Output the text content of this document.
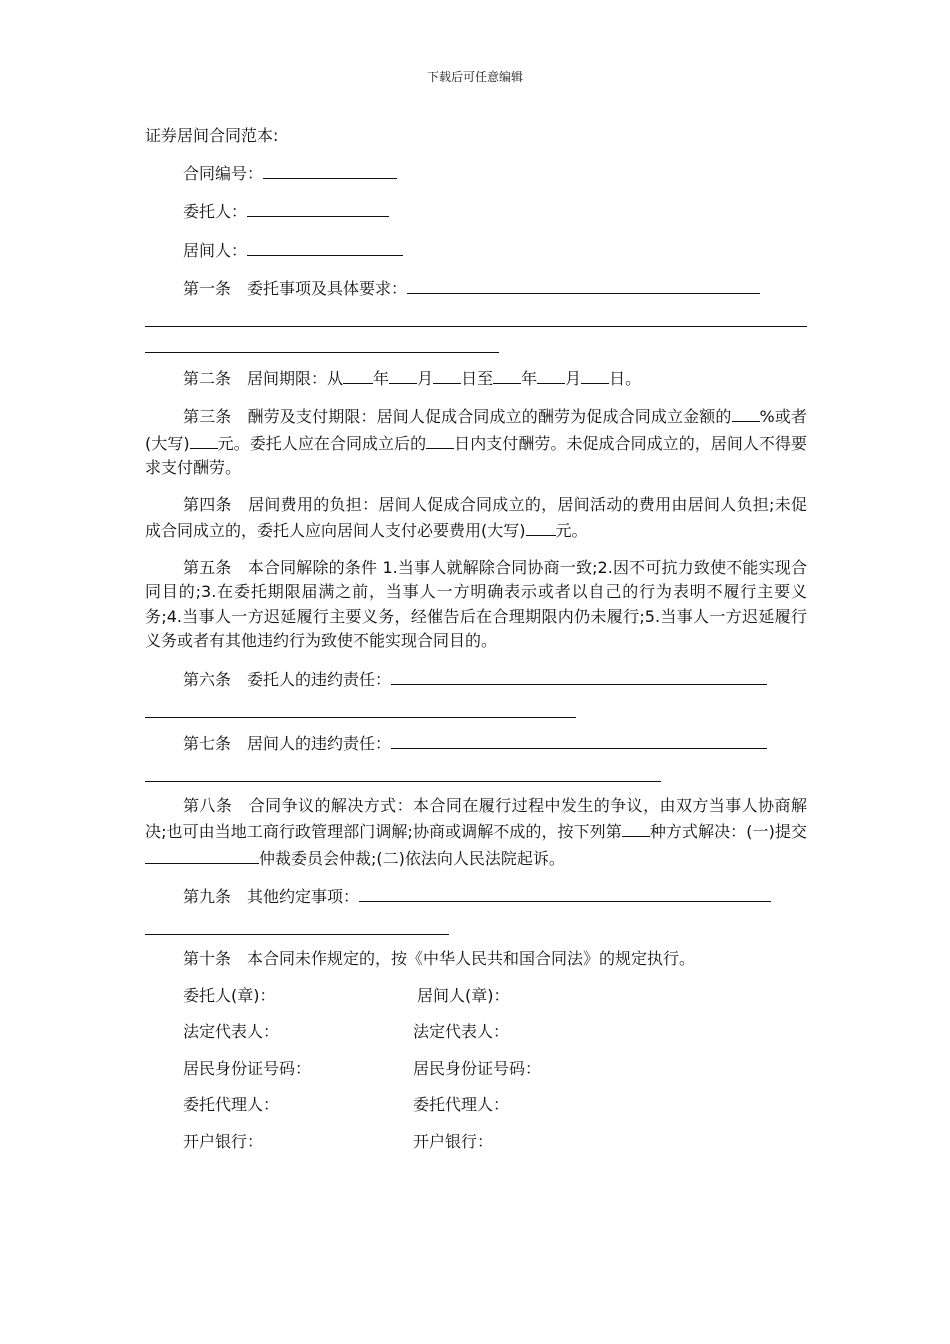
下载后可任意编辑

证券居间合同范本:

合同编号：

委托人：

居间人：

第一条　 委托事项及具体要求：

第二条　 居间期限：从 年 月 日至 年 月 日。

第三条　 酬劳及支付期限：居间人促成合同成立的酬劳为促成合同成立金额的 %或者(大写) 元。委托人应在合同成立后的 日内支付酬劳。未促成合同成立的，居间人不得要求支付酬劳。

第四条　 居间费用的负担：居间人促成合同成立的，居间活动的费用由居间人负担;未促成合同成立的，委托人应向居间人支付必要费用(大写) 元。

第五条　 本合同解除的条件 1.当事人就解除合同协商一致;2.因不可抗力致使不能实现合同目的;3.在委托期限届满之前，当事人一方明确表示或者以自己的行为表明不履行主要义务;4.当事人一方迟延履行主要义务，经催告后在合理期限内仍未履行;5.当事人一方迟延履行义务或者有其他违约行为致使不能实现合同目的。

第六条　 委托人的违约责任：

第七条　 居间人的违约责任：

第八条　 合同争议的解决方式：本合同在履行过程中发生的争议，由双方当事人协商解决;也可由当地工商行政管理部门调解;协商或调解不成的，按下列第 种方式解决：(一)提交仲裁委员会仲裁;(二)依法向人民法院起诉。

第九条　 其他约定事项：

第十条　 本合同未作规定的，按《中华人民共和国合同法》的规定执行。

委托人(章)：	居间人(章)：
法定代表人：	法定代表人：
居民身份证号码：	居民身份证号码：
委托代理人：	委托代理人：
开户银行：	开户银行：
